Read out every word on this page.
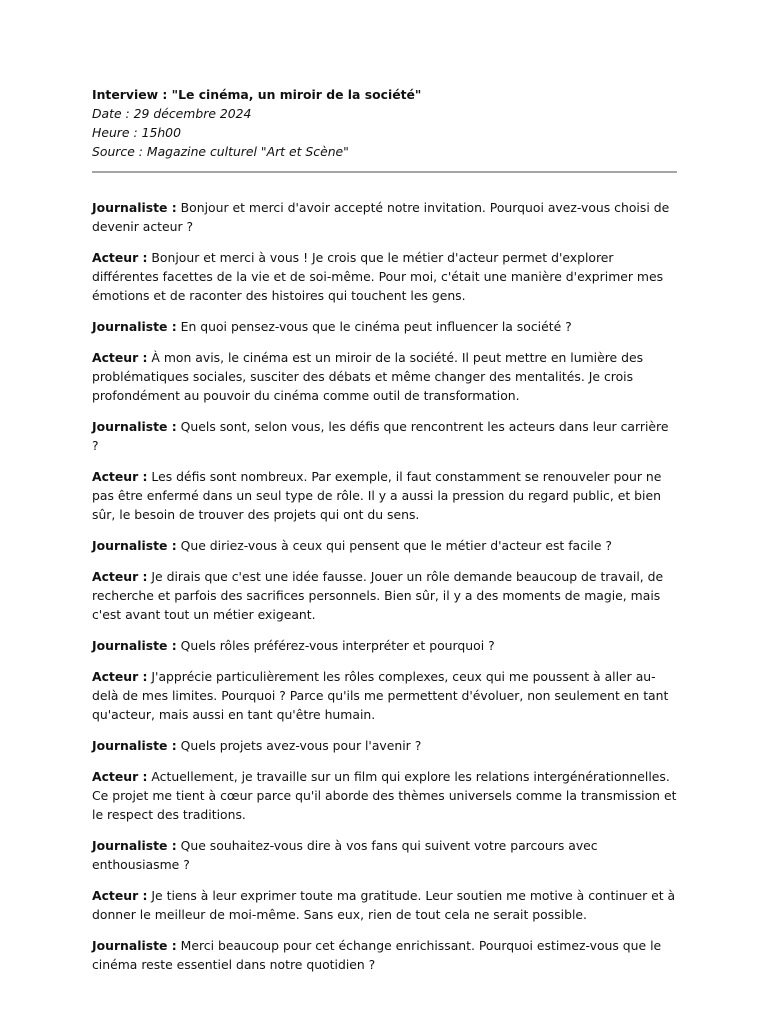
Interview : "Le cinéma, un miroir de la société"
Date : 29 décembre 2024
Heure : 15h00
Source : Magazine culturel "Art et Scène"

Journaliste : Bonjour et merci d'avoir accepté notre invitation. Pourquoi avez-vous choisi de devenir acteur ?

Acteur : Bonjour et merci à vous ! Je crois que le métier d'acteur permet d'explorer différentes facettes de la vie et de soi-même. Pour moi, c'était une manière d'exprimer mes émotions et de raconter des histoires qui touchent les gens.

Journaliste : En quoi pensez-vous que le cinéma peut influencer la société ?

Acteur : À mon avis, le cinéma est un miroir de la société. Il peut mettre en lumière des problématiques sociales, susciter des débats et même changer des mentalités. Je crois profondément au pouvoir du cinéma comme outil de transformation.

Journaliste : Quels sont, selon vous, les défis que rencontrent les acteurs dans leur carrière ?

Acteur : Les défis sont nombreux. Par exemple, il faut constamment se renouveler pour ne pas être enfermé dans un seul type de rôle. Il y a aussi la pression du regard public, et bien sûr, le besoin de trouver des projets qui ont du sens.

Journaliste : Que diriez-vous à ceux qui pensent que le métier d'acteur est facile ?

Acteur : Je dirais que c'est une idée fausse. Jouer un rôle demande beaucoup de travail, de recherche et parfois des sacrifices personnels. Bien sûr, il y a des moments de magie, mais c'est avant tout un métier exigeant.

Journaliste : Quels rôles préférez-vous interpréter et pourquoi ?

Acteur : J'apprécie particulièrement les rôles complexes, ceux qui me poussent à aller au-delà de mes limites. Pourquoi ? Parce qu'ils me permettent d'évoluer, non seulement en tant qu'acteur, mais aussi en tant qu'être humain.

Journaliste : Quels projets avez-vous pour l'avenir ?

Acteur : Actuellement, je travaille sur un film qui explore les relations intergénérationnelles. Ce projet me tient à cœur parce qu'il aborde des thèmes universels comme la transmission et le respect des traditions.

Journaliste : Que souhaitez-vous dire à vos fans qui suivent votre parcours avec enthousiasme ?

Acteur : Je tiens à leur exprimer toute ma gratitude. Leur soutien me motive à continuer et à donner le meilleur de moi-même. Sans eux, rien de tout cela ne serait possible.

Journaliste : Merci beaucoup pour cet échange enrichissant. Pourquoi estimez-vous que le cinéma reste essentiel dans notre quotidien ?
